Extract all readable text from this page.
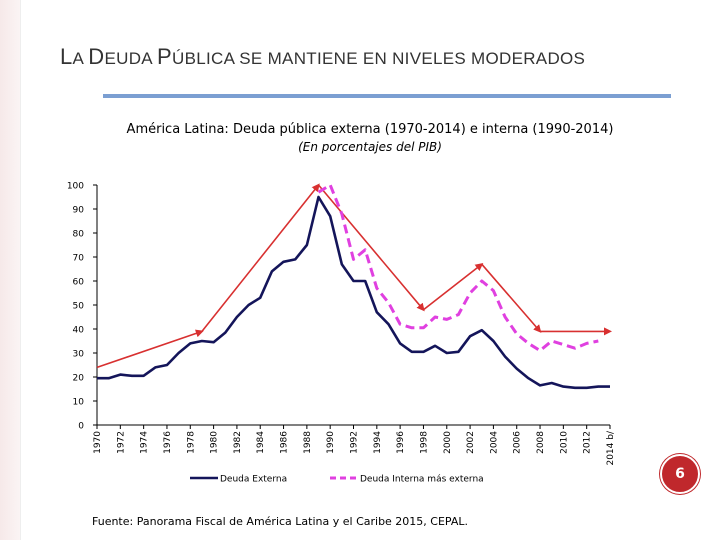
LA DEUDA PÚBLICA SE MANTIENE EN NIVELES MODERADOS
América Latina: Deuda pública externa (1970-2014) e interna (1990-2014)
(En porcentajes del PIB)
0
10
20
30
40
50
60
70
80
90
100
1970 1972 1974 1976 1978 1980 1982 1984 1986 1988 1990 1992 1994 1996 1998 2000 2002 2004 2006 2008 2010 2012 2014 b/
Deuda Externa	Deuda Interna más externa
Fuente: Panorama Fiscal de América Latina y el Caribe 2015, CEPAL.
6
